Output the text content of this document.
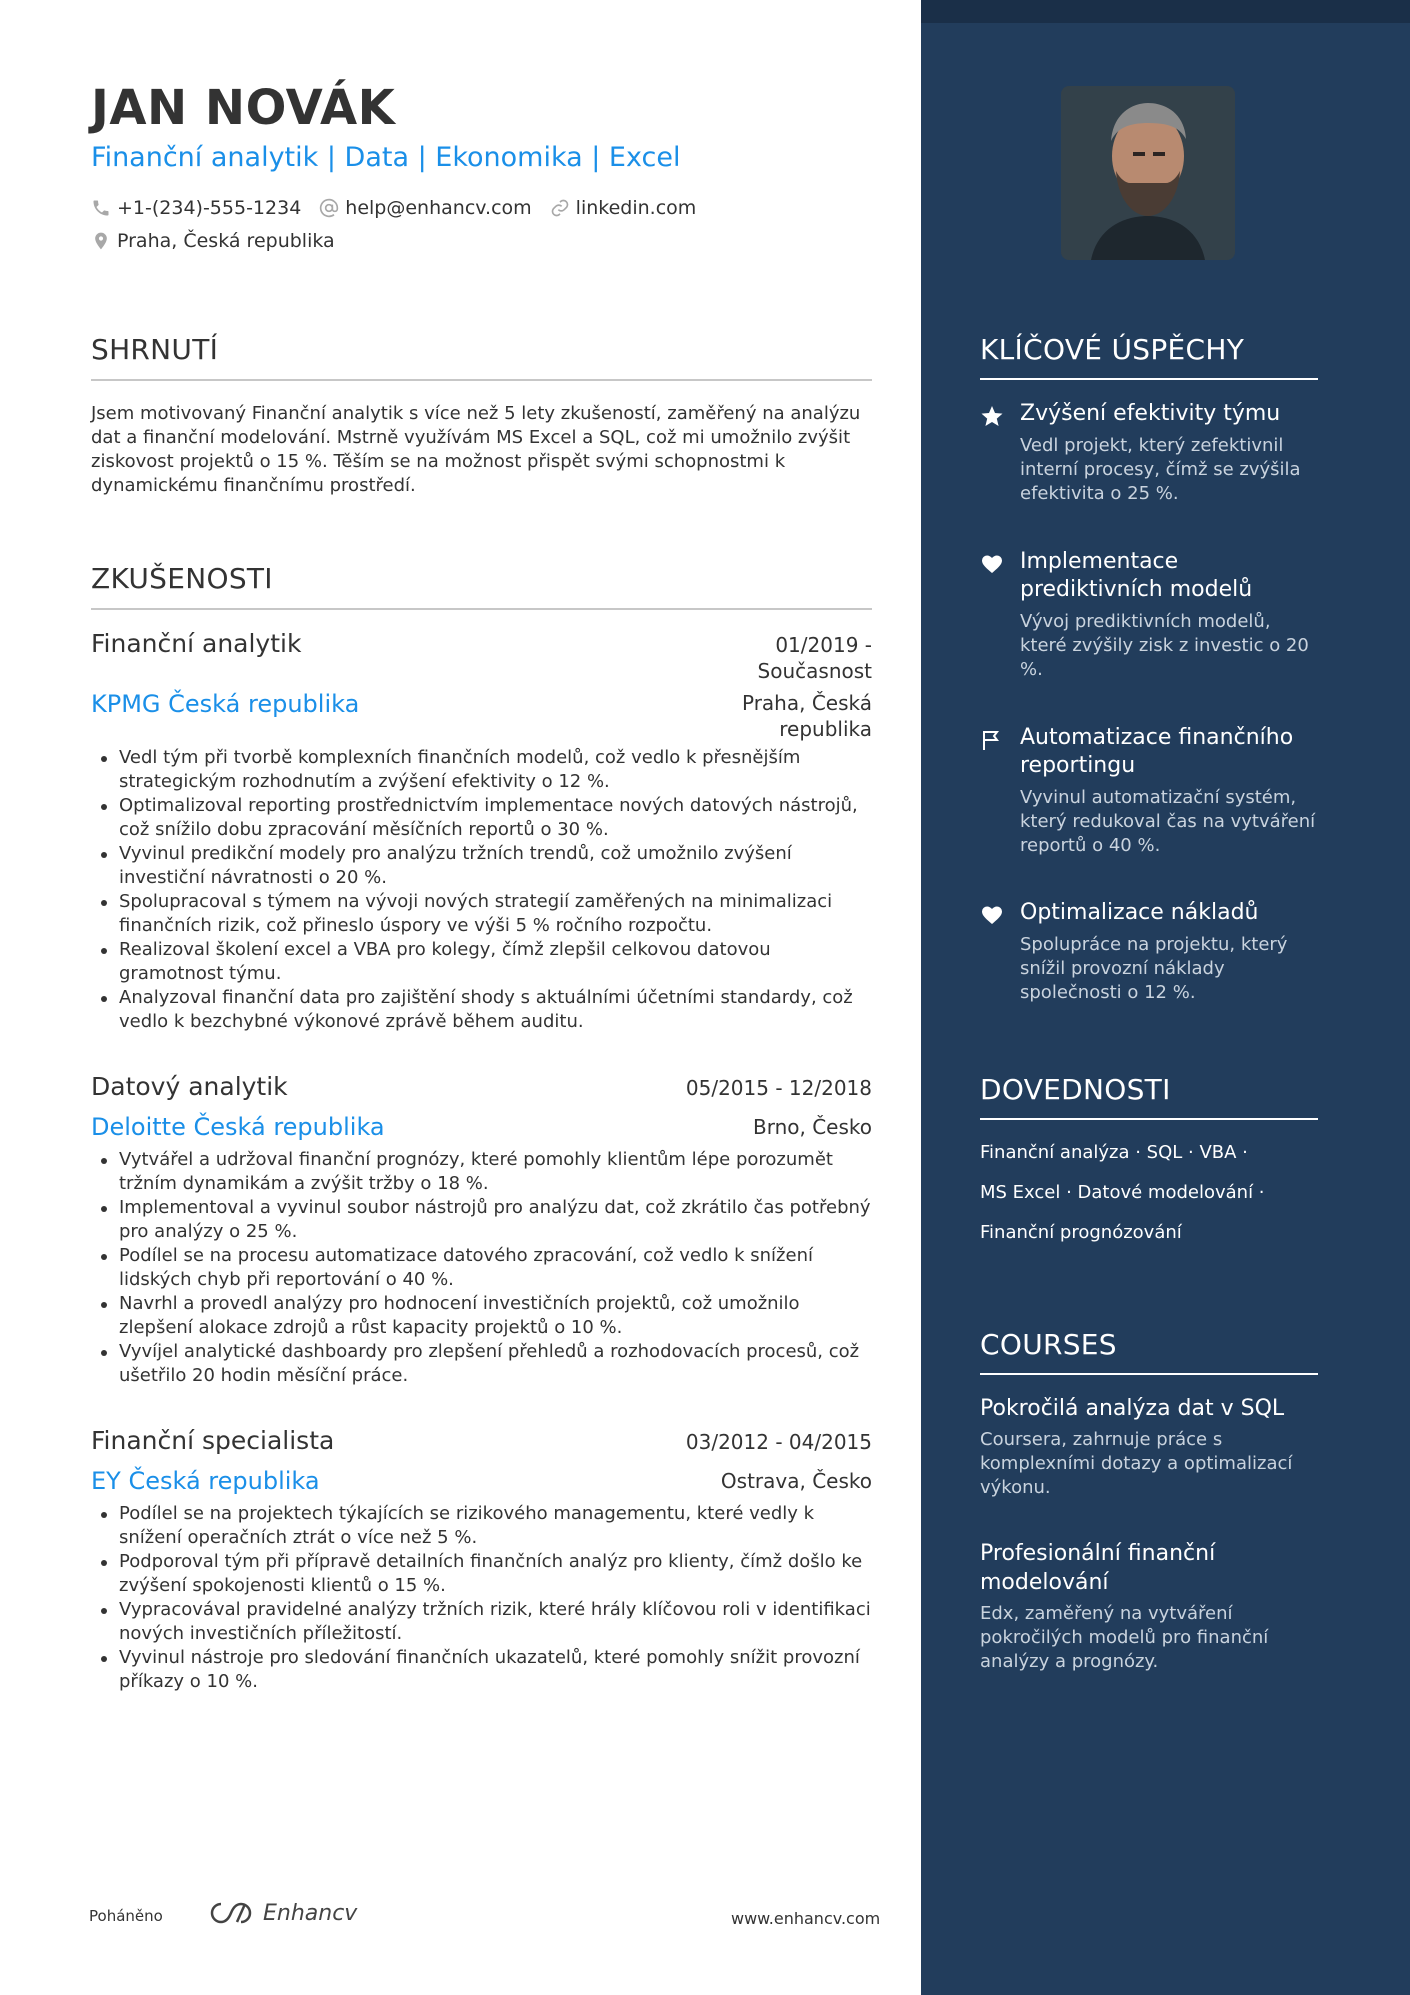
JAN NOVÁK
Finanční analytik | Data | Ekonomika | Excel
+1-(234)-555-1234 help@enhancv.com linkedin.com
Praha, Česká republika
SHRNUTÍ
Jsem motivovaný Finanční analytik s více než 5 lety zkušeností, zaměřený na analýzu dat a finanční modelování. Mstrně využívám MS Excel a SQL, což mi umožnilo zvýšit ziskovost projektů o 15 %. Těším se na možnost přispět svými schopnostmi k dynamickému finančnímu prostředí.
ZKUŠENOSTI
Finanční analytik	01/2019 -
Současnost
KPMG Česká republika	Praha, Česká
republika
Vedl tým při tvorbě komplexních finančních modelů, což vedlo k přesnějším strategickým rozhodnutím a zvýšení efektivity o 12 %.
Optimalizoval reporting prostřednictvím implementace nových datových nástrojů, což snížilo dobu zpracování měsíčních reportů o 30 %.
Vyvinul predikční modely pro analýzu tržních trendů, což umožnilo zvýšení investiční návratnosti o 20 %.
Spolupracoval s týmem na vývoji nových strategií zaměřených na minimalizaci finančních rizik, což přineslo úspory ve výši 5 % ročního rozpočtu.
Realizoval školení excel a VBA pro kolegy, čímž zlepšil celkovou datovou gramotnost týmu.
Analyzoval finanční data pro zajištění shody s aktuálními účetními standardy, což vedlo k bezchybné výkonové zprávě během auditu.
Datový analytik	05/2015 - 12/2018
Deloitte Česká republika	Brno, Česko
Vytvářel a udržoval finanční prognózy, které pomohly klientům lépe porozumět tržním dynamikám a zvýšit tržby o 18 %.
Implementoval a vyvinul soubor nástrojů pro analýzu dat, což zkrátilo čas potřebný pro analýzy o 25 %.
Podílel se na procesu automatizace datového zpracování, což vedlo k snížení lidských chyb při reportování o 40 %.
Navrhl a provedl analýzy pro hodnocení investičních projektů, což umožnilo zlepšení alokace zdrojů a růst kapacity projektů o 10 %.
Vyvíjel analytické dashboardy pro zlepšení přehledů a rozhodovacích procesů, což ušetřilo 20 hodin měsíční práce.
Finanční specialista	03/2012 - 04/2015
EY Česká republika	Ostrava, Česko
Podílel se na projektech týkajících se rizikového managementu, které vedly k snížení operačních ztrát o více než 5 %.
Podporoval tým při přípravě detailních finančních analýz pro klienty, čímž došlo ke zvýšení spokojenosti klientů o 15 %.
Vypracovával pravidelné analýzy tržních rizik, které hrály klíčovou roli v identifikaci nových investičních příležitostí.
Vyvinul nástroje pro sledování finančních ukazatelů, které pomohly snížit provozní příkazy o 10 %.
Poháněno	Enhancv	www.enhancv.com
KLÍČOVÉ ÚSPĚCHY
Zvýšení efektivity týmu
Vedl projekt, který zefektivnil interní procesy, čímž se zvýšila efektivita o 25 %.
Implementace prediktivních modelů
Vývoj prediktivních modelů, které zvýšily zisk z investic o 20 %.
Automatizace finančního reportingu
Vyvinul automatizační systém, který redukoval čas na vytváření reportů o 40 %.
Optimalizace nákladů
Spolupráce na projektu, který snížil provozní náklady společnosti o 12 %.
DOVEDNOSTI
Finanční analýza · SQL · VBA ·
MS Excel · Datové modelování ·
Finanční prognózování
COURSES
Pokročilá analýza dat v SQL
Coursera, zahrnuje práce s komplexními dotazy a optimalizací výkonu.
Profesionální finanční modelování
Edx, zaměřený na vytváření pokročilých modelů pro finanční analýzy a prognózy.
